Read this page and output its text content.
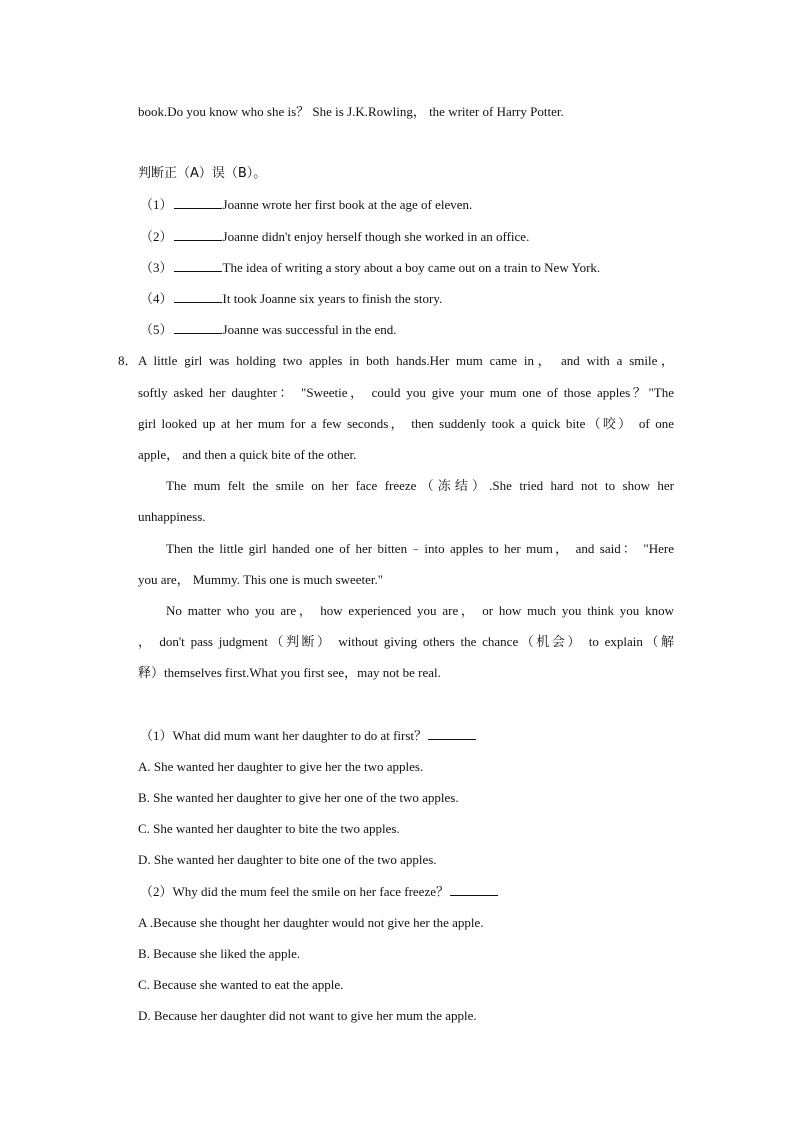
book.Do you know who she is？ She is J.K.Rowling， the writer of Harry Potter.
判断正（A）误（B）。
（1）	Joanne wrote her first book at the age of eleven.
（2）	Joanne didn't enjoy herself though she worked in an office.
（3）	The idea of writing a story about a boy came out on a train to New York.
（4）	It took Joanne six years to finish the story.
（5）	Joanne was successful in the end.
8． A little girl was holding two apples in both hands.Her mum came in， and with a smile，
softly asked her daughter： "Sweetie， could you give your mum one of those apples？"The
girl looked up at her mum for a few seconds， then suddenly took a quick bite（咬） of one
apple， and then a quick bite of the other.
The mum felt the smile on her face freeze（冻结）.She tried hard not to show her
unhappiness.
Then the little girl handed one of her bitten﹣into apples to her mum， and said： "Here
you are， Mummy. This one is much sweeter."
No matter who you are， how experienced you are， or how much you think you know
， don't pass judgment（判断） without giving others the chance（机会） to explain（解
释）themselves first.What you first see，may not be real.
（1）What did mum want her daughter to do at first？
A. She wanted her daughter to give her the two apples.
B. She wanted her daughter to give her one of the two apples.
C. She wanted her daughter to bite the two apples.
D. She wanted her daughter to bite one of the two apples.
（2）Why did the mum feel the smile on her face freeze？
A .Because she thought her daughter would not give her the apple.
B. Because she liked the apple.
C. Because she wanted to eat the apple.
D. Because her daughter did not want to give her mum the apple.
